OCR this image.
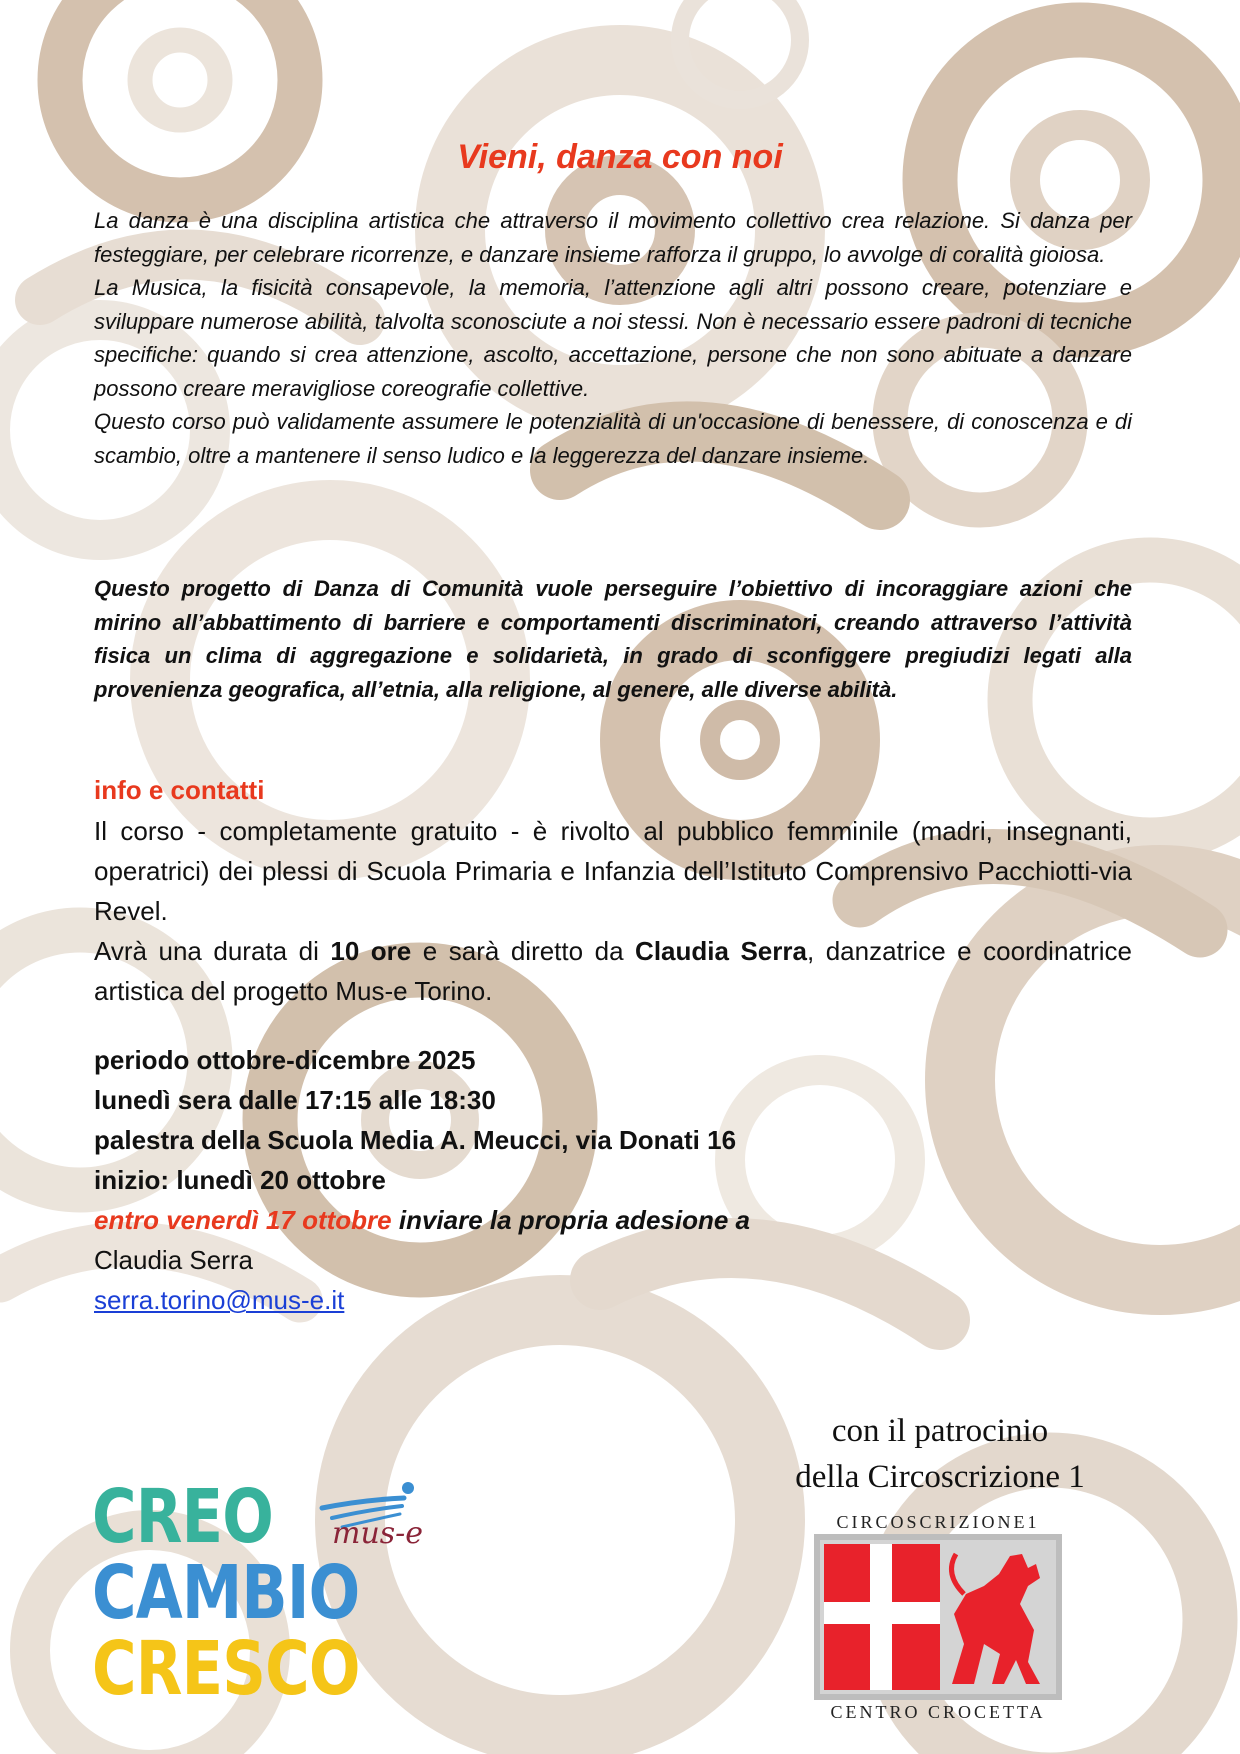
Vieni, danza con noi

La danza è una disciplina artistica che attraverso il movimento collettivo crea relazione. Si danza per festeggiare, per celebrare ricorrenze, e danzare insieme rafforza il gruppo, lo avvolge di coralità gioiosa.

La Musica, la fisicità consapevole, la memoria, l’attenzione agli altri possono creare, potenziare e sviluppare numerose abilità, talvolta sconosciute a noi stessi. Non è necessario essere padroni di tecniche specifiche: quando si crea attenzione, ascolto, accettazione, persone che non sono abituate a danzare possono creare meravigliose coreografie collettive.

Questo corso può validamente assumere le potenzialità di un'occasione di benessere, di conoscenza e di scambio, oltre a mantenere il senso ludico e la leggerezza del danzare insieme.

Questo progetto di Danza di Comunità vuole perseguire l’obiettivo di incoraggiare azioni che mirino all’abbattimento di barriere e comportamenti discriminatori, creando attraverso l’attività fisica un clima di aggregazione e solidarietà, in grado di sconfiggere pregiudizi legati alla provenienza geografica, all’etnia, alla religione, al genere, alle diverse abilità.

info e contatti

Il corso - completamente gratuito - è rivolto al pubblico femminile (madri, insegnanti, operatrici) dei plessi di Scuola Primaria e Infanzia dell’Istituto Comprensivo Pacchiotti-via Revel.

Avrà una durata di 10 ore e sarà diretto da Claudia Serra, danzatrice e coordinatrice artistica del progetto Mus-e Torino.

periodo ottobre-dicembre 2025
lunedì sera dalle 17:15 alle 18:30
palestra della Scuola Media A. Meucci, via Donati 16
inizio: lunedì 20 ottobre
entro venerdì 17 ottobre inviare la propria adesione a
Claudia Serra
serra.torino@mus-e.it
con il patrocinio
della Circoscrizione 1
CREO
CAMBIO
CRESCO
mus-e	CIRCOSCRIZIONE1
CENTRO CROCETTA
